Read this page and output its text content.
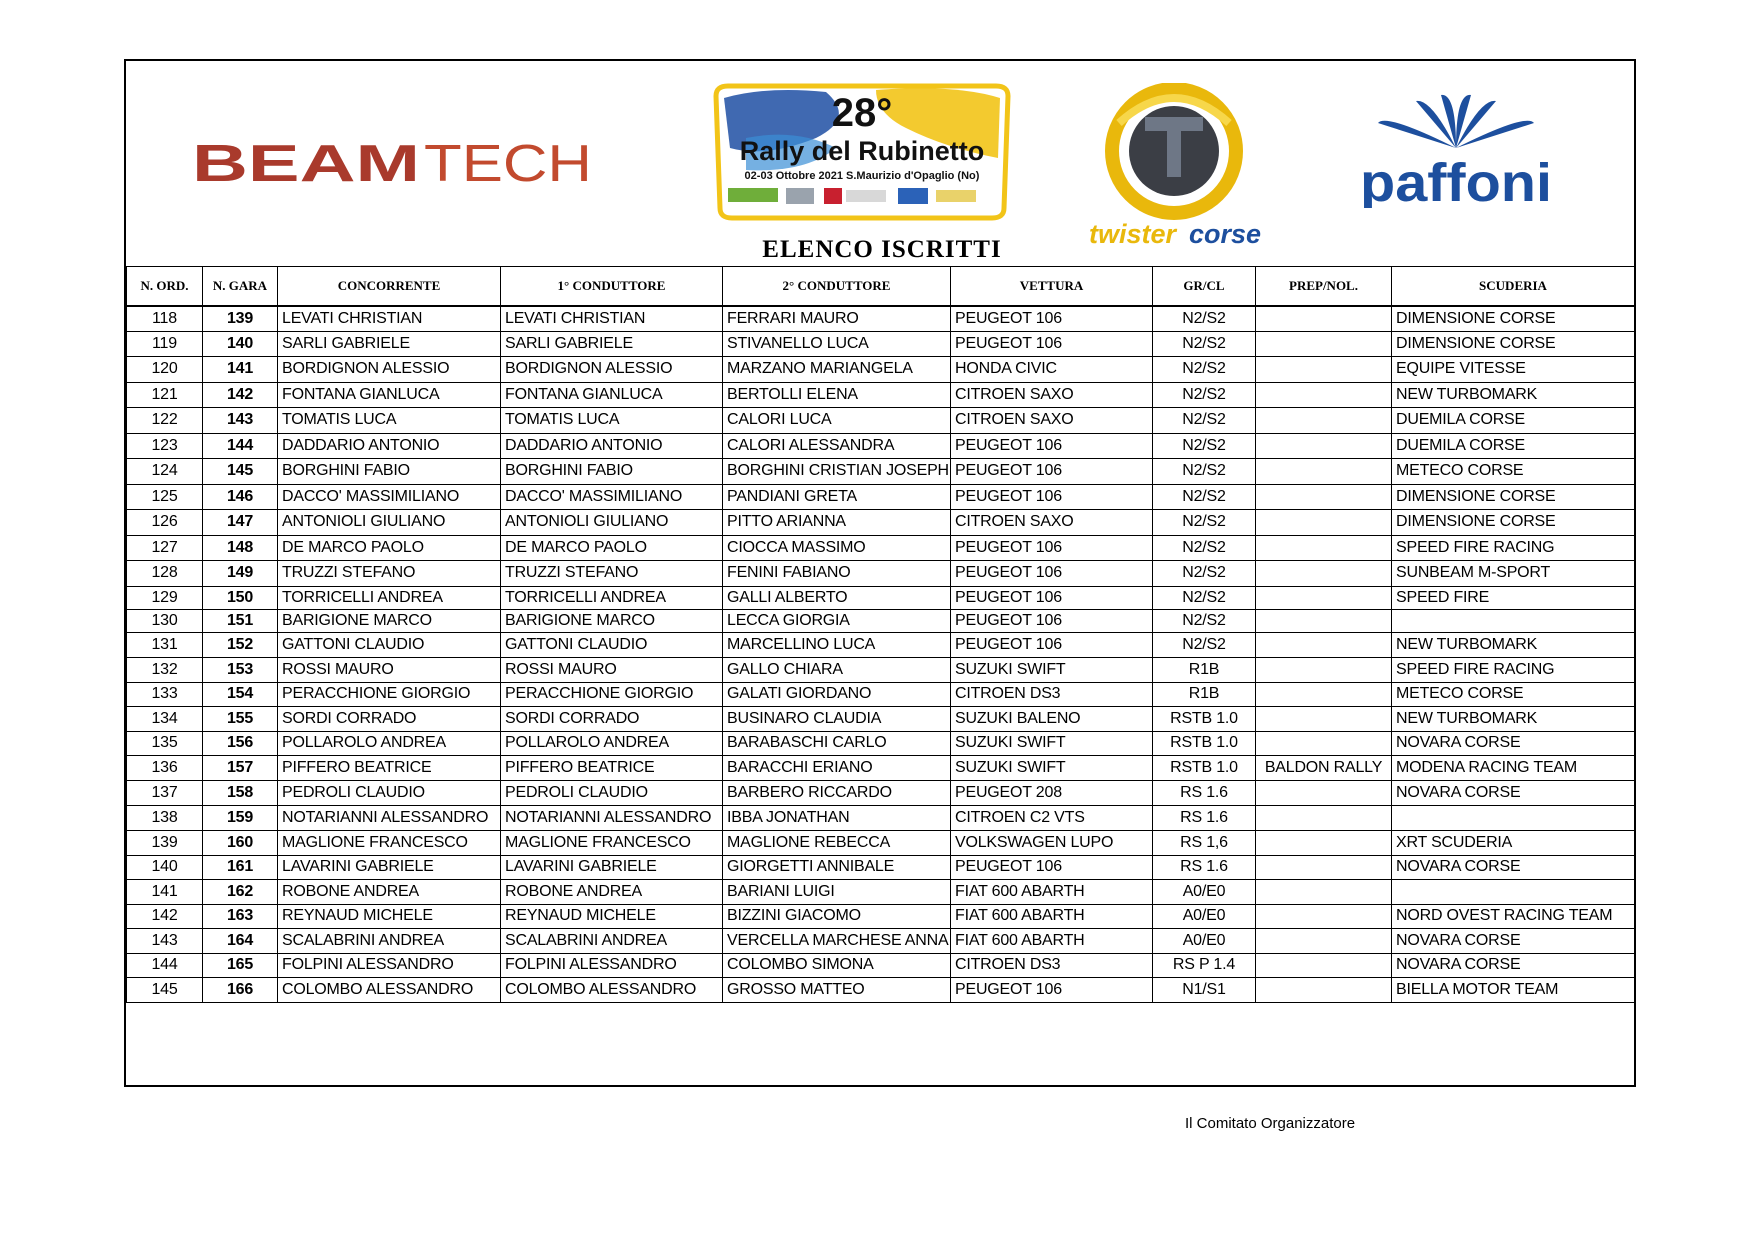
BEAM TECH
28°
Rally del Rubinetto
02-03 Ottobre 2021 S.Maurizio d'Opaglio (No)
twister corse
paffoni
ELENCO ISCRITTI
N. ORD.	N. GARA	CONCORRENTE	1° CONDUTTORE	2° CONDUTTORE	VETTURA	GR/CL	PREP/NOL.	SCUDERIA
118	139	LEVATI CHRISTIAN	LEVATI CHRISTIAN	FERRARI MAURO	PEUGEOT 106	N2/S2		DIMENSIONE CORSE
119	140	SARLI GABRIELE	SARLI GABRIELE	STIVANELLO LUCA	PEUGEOT 106	N2/S2		DIMENSIONE CORSE
120	141	BORDIGNON ALESSIO	BORDIGNON ALESSIO	MARZANO MARIANGELA	HONDA CIVIC	N2/S2		EQUIPE VITESSE
121	142	FONTANA GIANLUCA	FONTANA GIANLUCA	BERTOLLI ELENA	CITROEN SAXO	N2/S2		NEW TURBOMARK
122	143	TOMATIS LUCA	TOMATIS LUCA	CALORI LUCA	CITROEN SAXO	N2/S2		DUEMILA CORSE
123	144	DADDARIO ANTONIO	DADDARIO ANTONIO	CALORI ALESSANDRA	PEUGEOT 106	N2/S2		DUEMILA CORSE
124	145	BORGHINI FABIO	BORGHINI FABIO	BORGHINI CRISTIAN JOSEPH	PEUGEOT 106	N2/S2		METECO CORSE
125	146	DACCO' MASSIMILIANO	DACCO' MASSIMILIANO	PANDIANI GRETA	PEUGEOT 106	N2/S2		DIMENSIONE CORSE
126	147	ANTONIOLI GIULIANO	ANTONIOLI GIULIANO	PITTO ARIANNA	CITROEN SAXO	N2/S2		DIMENSIONE CORSE
127	148	DE MARCO PAOLO	DE MARCO PAOLO	CIOCCA MASSIMO	PEUGEOT 106	N2/S2		SPEED FIRE RACING
128	149	TRUZZI STEFANO	TRUZZI STEFANO	FENINI FABIANO	PEUGEOT 106	N2/S2		SUNBEAM M-SPORT
129	150	TORRICELLI ANDREA	TORRICELLI ANDREA	GALLI ALBERTO	PEUGEOT 106	N2/S2		SPEED FIRE
130	151	BARIGIONE MARCO	BARIGIONE MARCO	LECCA GIORGIA	PEUGEOT 106	N2/S2		
131	152	GATTONI CLAUDIO	GATTONI CLAUDIO	MARCELLINO LUCA	PEUGEOT 106	N2/S2		NEW TURBOMARK
132	153	ROSSI MAURO	ROSSI MAURO	GALLO CHIARA	SUZUKI SWIFT	R1B		SPEED FIRE RACING
133	154	PERACCHIONE GIORGIO	PERACCHIONE GIORGIO	GALATI GIORDANO	CITROEN DS3	R1B		METECO CORSE
134	155	SORDI CORRADO	SORDI CORRADO	BUSINARO CLAUDIA	SUZUKI BALENO	RSTB 1.0		NEW TURBOMARK
135	156	POLLAROLO ANDREA	POLLAROLO ANDREA	BARABASCHI CARLO	SUZUKI SWIFT	RSTB 1.0		NOVARA CORSE
136	157	PIFFERO BEATRICE	PIFFERO BEATRICE	BARACCHI ERIANO	SUZUKI SWIFT	RSTB 1.0	BALDON RALLY	MODENA RACING TEAM
137	158	PEDROLI CLAUDIO	PEDROLI CLAUDIO	BARBERO RICCARDO	PEUGEOT 208	RS 1.6		NOVARA CORSE
138	159	NOTARIANNI ALESSANDRO	NOTARIANNI ALESSANDRO	IBBA JONATHAN	CITROEN C2 VTS	RS 1.6		
139	160	MAGLIONE FRANCESCO	MAGLIONE FRANCESCO	MAGLIONE REBECCA	VOLKSWAGEN LUPO	RS 1,6		XRT SCUDERIA
140	161	LAVARINI GABRIELE	LAVARINI GABRIELE	GIORGETTI ANNIBALE	PEUGEOT 106	RS 1.6		NOVARA CORSE
141	162	ROBONE ANDREA	ROBONE ANDREA	BARIANI LUIGI	FIAT 600 ABARTH	A0/E0		
142	163	REYNAUD MICHELE	REYNAUD MICHELE	BIZZINI GIACOMO	FIAT 600 ABARTH	A0/E0		NORD OVEST RACING TEAM
143	164	SCALABRINI ANDREA	SCALABRINI ANDREA	VERCELLA MARCHESE ANNA	FIAT 600 ABARTH	A0/E0		NOVARA CORSE
144	165	FOLPINI ALESSANDRO	FOLPINI ALESSANDRO	COLOMBO SIMONA	CITROEN DS3	RS P 1.4		NOVARA CORSE
145	166	COLOMBO ALESSANDRO	COLOMBO ALESSANDRO	GROSSO MATTEO	PEUGEOT 106	N1/S1		BIELLA MOTOR TEAM
Il Comitato Organizzatore
